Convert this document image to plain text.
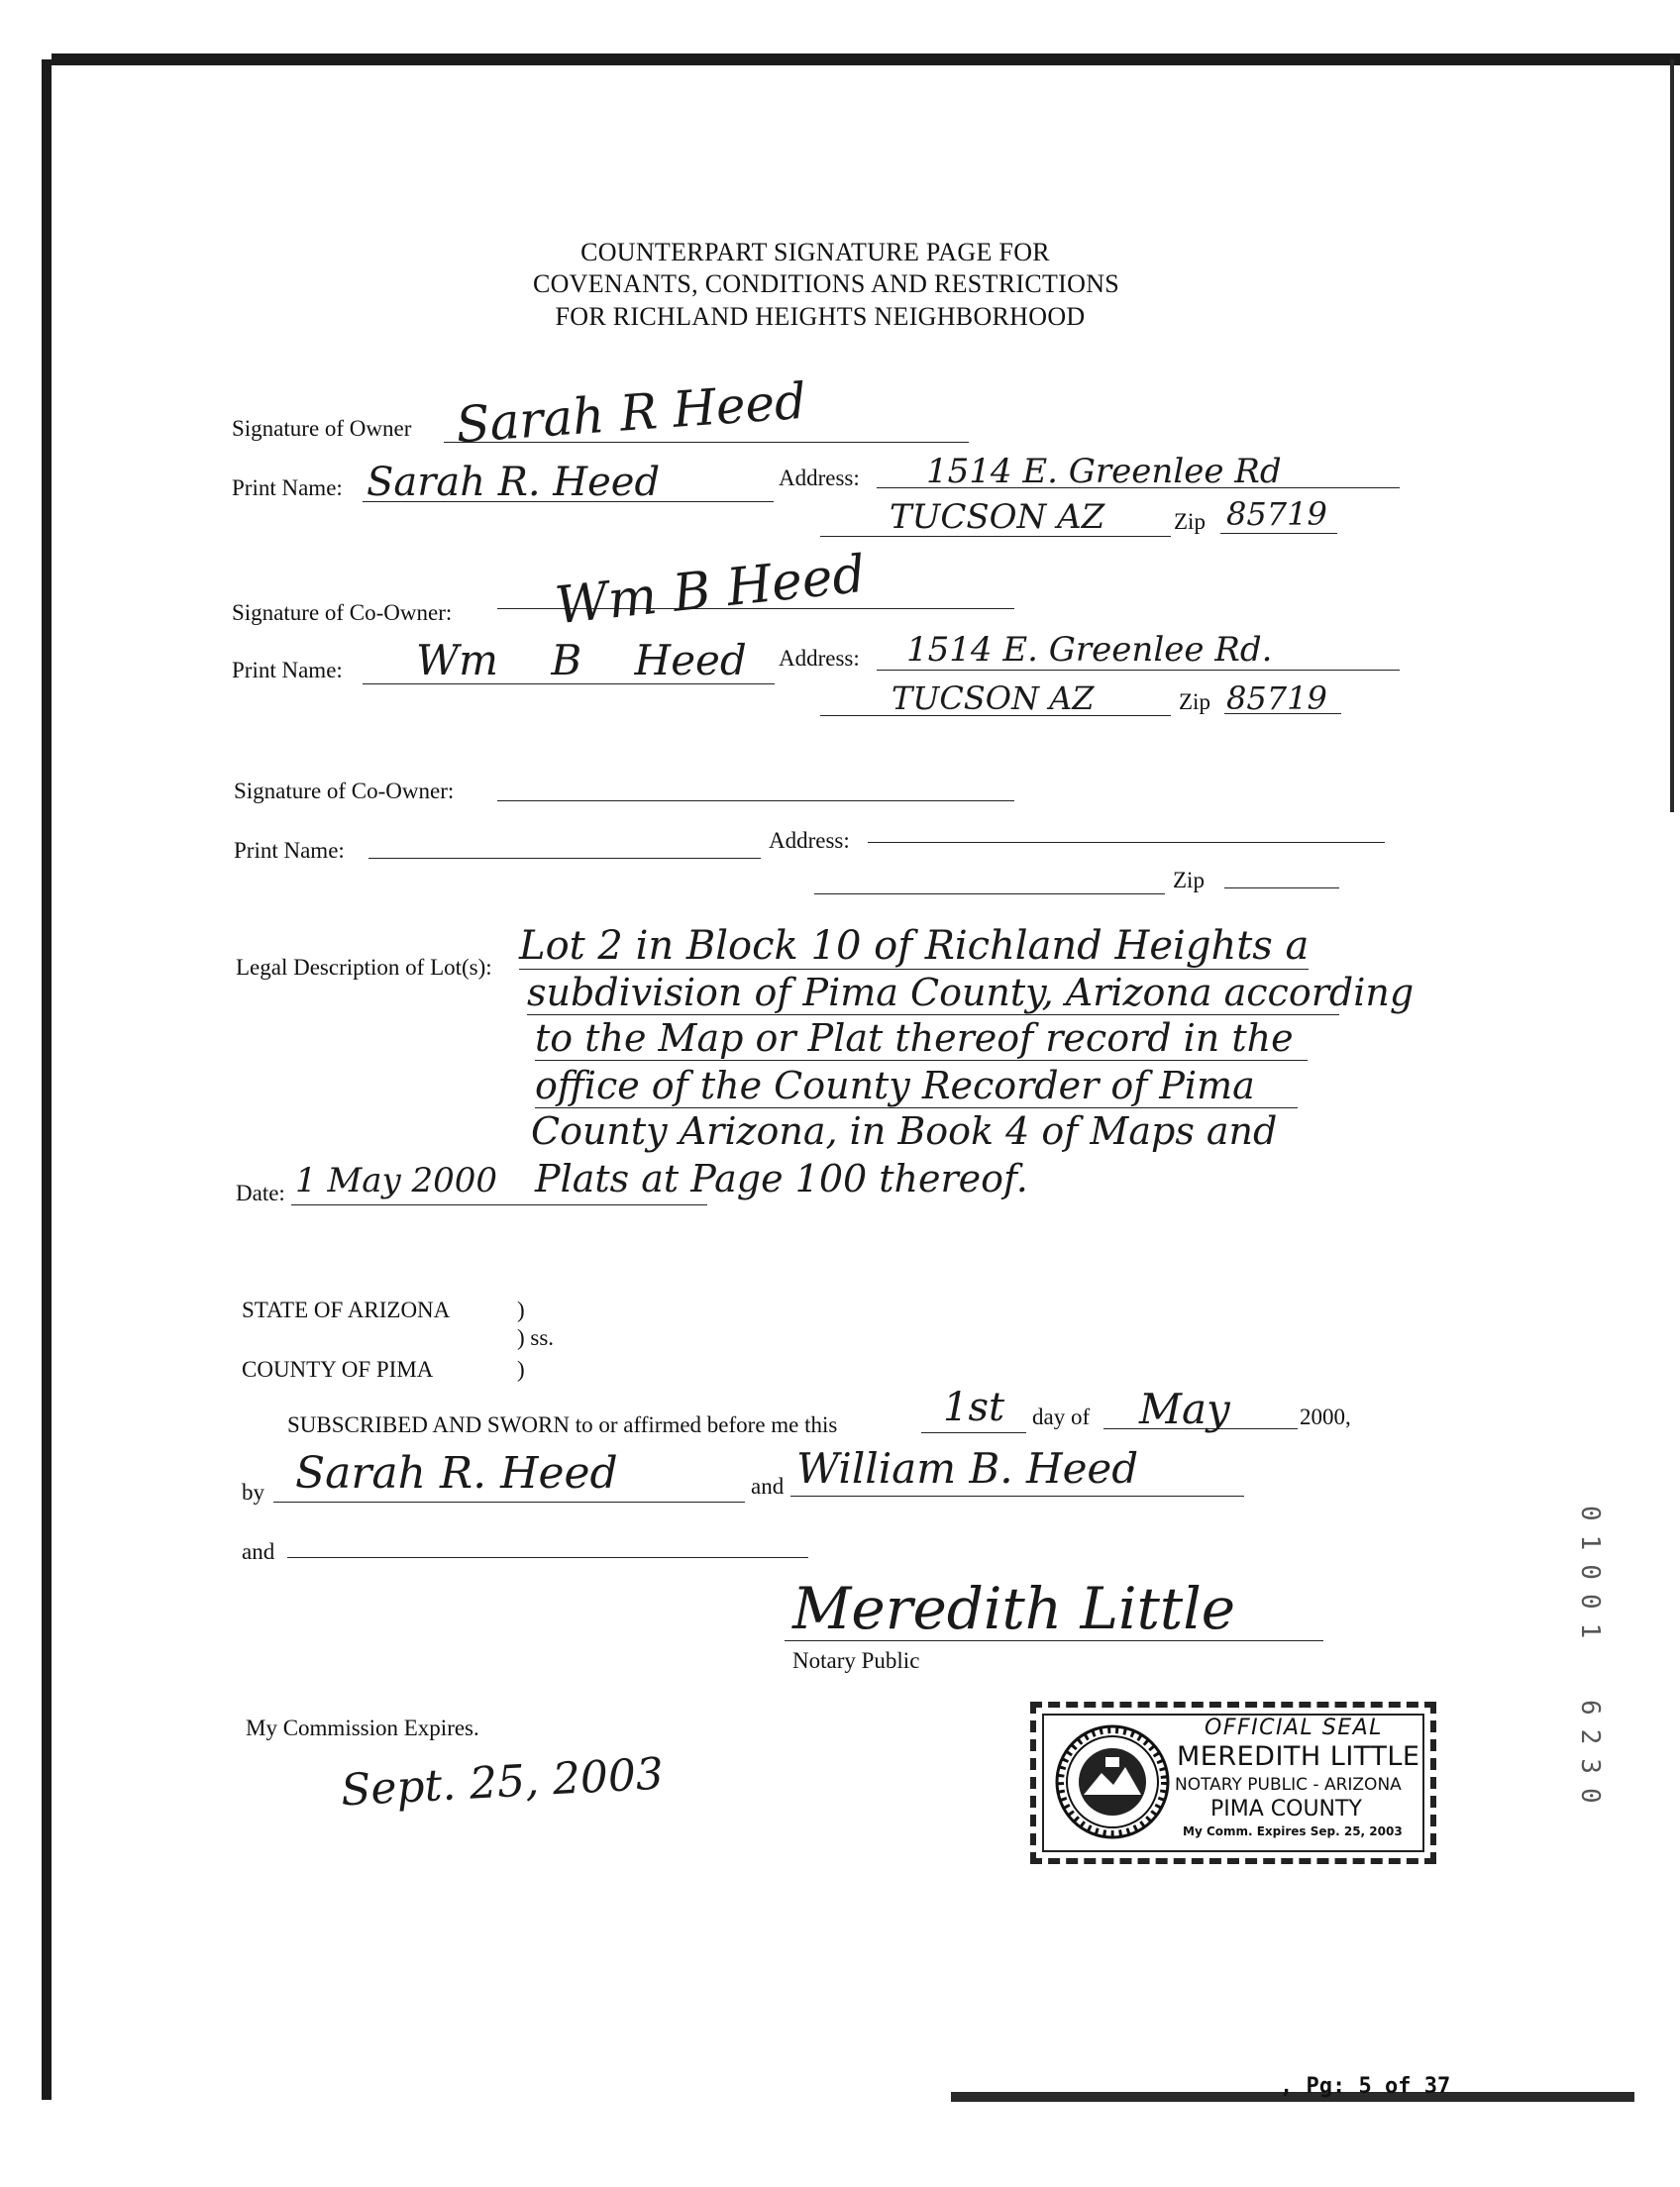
COUNTERPART SIGNATURE PAGE FOR
COVENANTS, CONDITIONS AND RESTRICTIONS
FOR RICHLAND HEIGHTS NEIGHBORHOOD
Signature of Owner Sarah R Heed
Print Name: Sarah R. Heed	Address: 1514 E. Greenlee Rd
TUCSON AZ	Zip 85719
Signature of Co-Owner: Wm B Heed
Print Name: Wm B Heed Address: 1514 E. Greenlee Rd.
TUCSON AZ	Zip 85719
Signature of Co-Owner:
Print Name:	Address:
Zip
Legal Description of Lot(s): Lot 2 in Block 10 of Richland Heights a
subdivision of Pima County, Arizona according
to the Map or Plat thereof record in the
office of the County Recorder of Pima
County Arizona, in Book 4 of Maps and
Plats at Page 100 thereof.
Date: 1 May 2000
STATE OF ARIZONA	)
) ss.
COUNTY OF PIMA	)
SUBSCRIBED AND SWORN to or affirmed before me this	1st day of May	2000,
by Sarah R. Heed	and William B. Heed
and
Meredith Little
Notary Public
My Commission Expires.
Sept. 25, 2003
OFFICIAL SEAL
MEREDITH LITTLE
NOTARY PUBLIC - ARIZONA
PIMA COUNTY
My Comm. Expires Sep. 25, 2003
01001
6230
, Pg: 5 of 37
